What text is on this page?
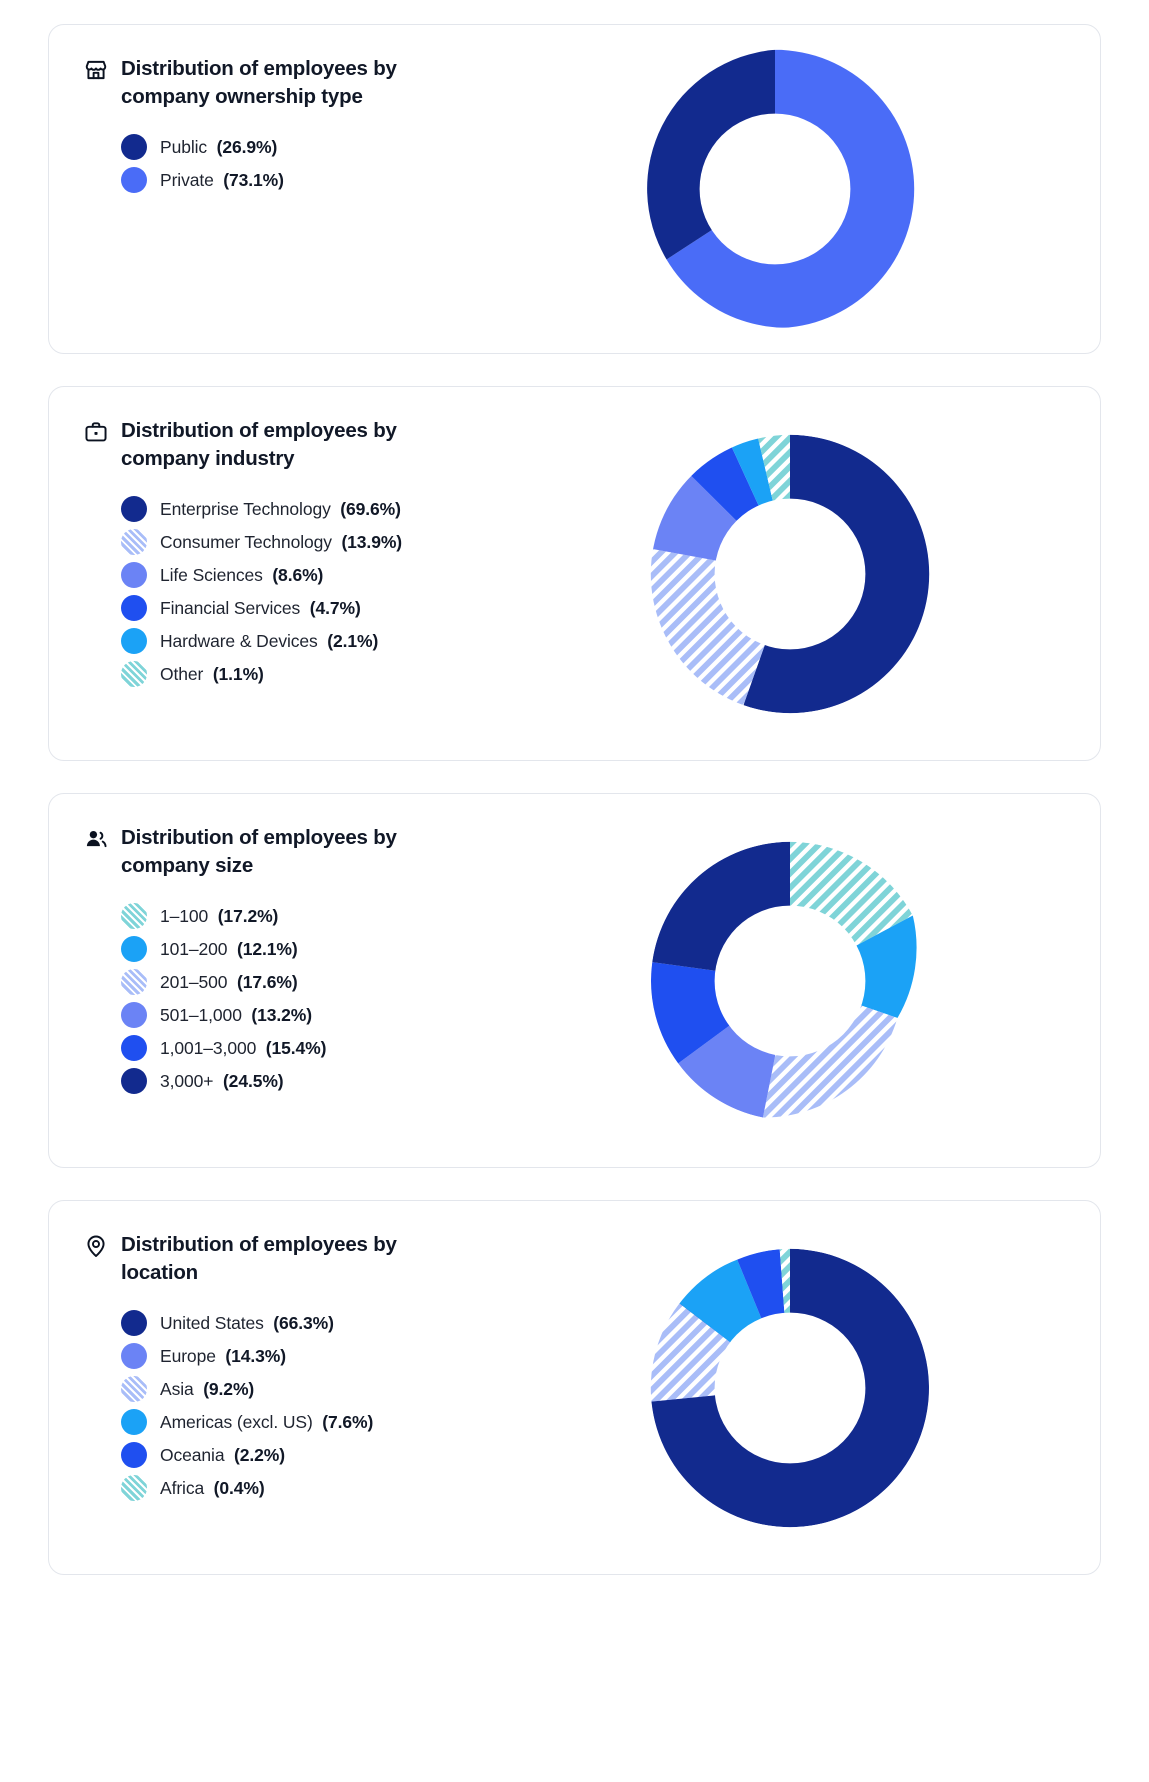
Distribution of employees by company ownership type
Public (26.9%)
Private (73.1%)
Distribution of employees by company industry
Enterprise Technology (69.6%)
Consumer Technology (13.9%)
Life Sciences (8.6%)
Financial Services (4.7%)
Hardware & Devices (2.1%)
Other (1.1%)
Distribution of employees by company size
1–100 (17.2%)
101–200 (12.1%)
201–500 (17.6%)
501–1,000 (13.2%)
1,001–3,000 (15.4%)
3,000+ (24.5%)
Distribution of employees by location
United States (66.3%)
Europe (14.3%)
Asia (9.2%)
Americas (excl. US) (7.6%)
Oceania (2.2%)
Africa (0.4%)
